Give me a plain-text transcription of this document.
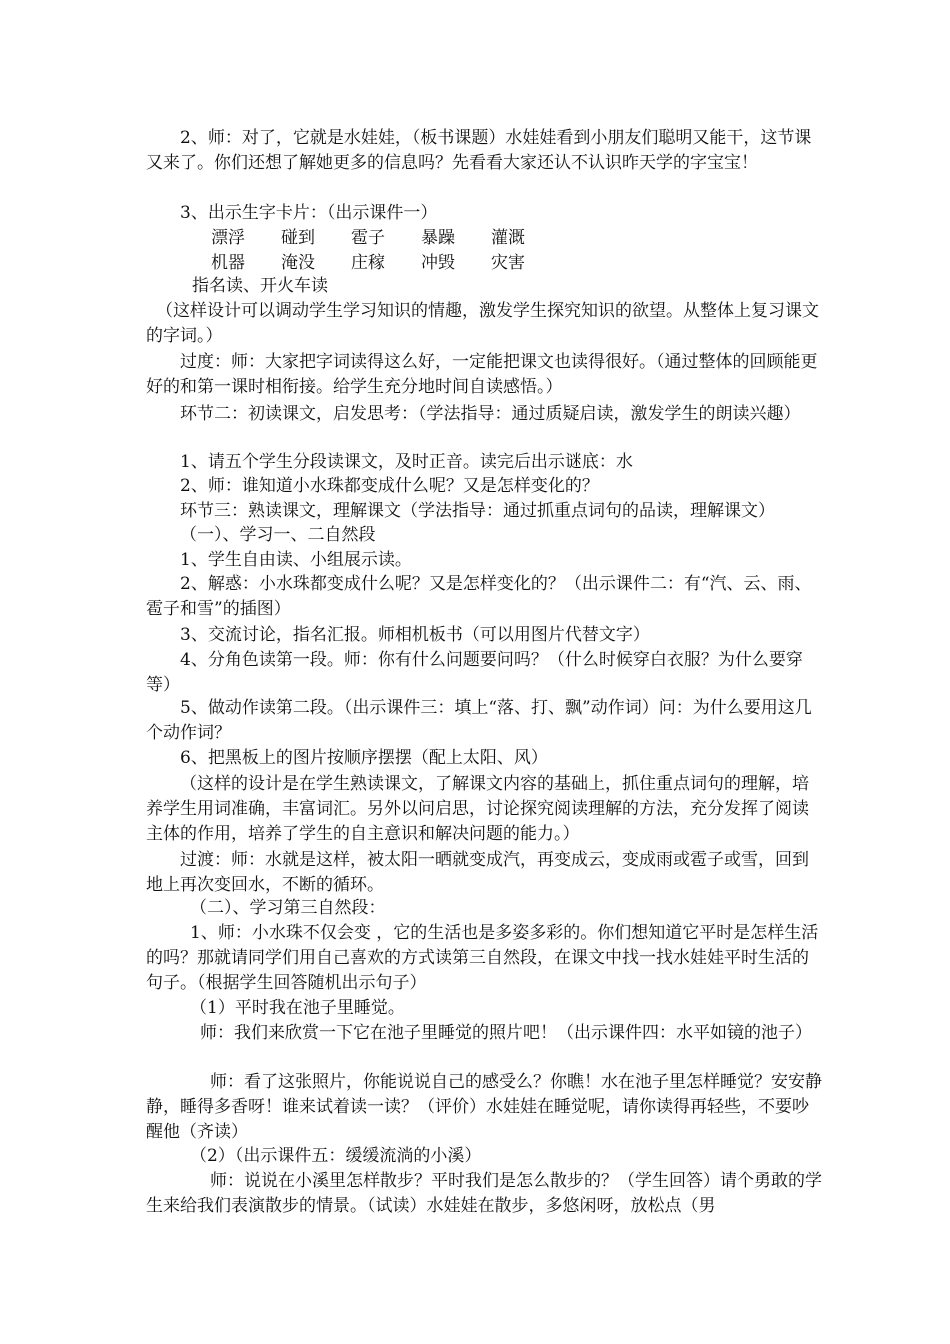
2、师：对了，它就是水娃娃，（板书课题）水娃娃看到小朋友们聪明又能干，这节课又来了。你们还想了解她更多的信息吗？先看看大家还认不认识昨天学的字宝宝！

3、出示生字卡片：（出示课件一）

漂浮 碰到 雹子 暴躁 灌溉
机器 淹没 庄稼 冲毁 灾害

指名读、开火车读

（这样设计可以调动学生学习知识的情趣，激发学生探究知识的欲望。从整体上复习课文的字词。）

过度：师：大家把字词读得这么好，一定能把课文也读得很好。（通过整体的回顾能更好的和第一课时相衔接。给学生充分地时间自读感悟。）

环节二：初读课文，启发思考：（学法指导：通过质疑启读，激发学生的朗读兴趣）

1、请五个学生分段读课文，及时正音。读完后出示谜底：水

2、师：谁知道小水珠都变成什么呢？又是怎样变化的？

环节三：熟读课文，理解课文（学法指导：通过抓重点词句的品读，理解课文）

（一）、学习一、二自然段

1、学生自由读、小组展示读。

2、解惑：小水珠都变成什么呢？又是怎样变化的？（出示课件二：有“汽、云、雨、雹子和雪”的插图）

3、交流讨论，指名汇报。师相机板书（可以用图片代替文字）

4、分角色读第一段。师：你有什么问题要问吗？（什么时候穿白衣服？为什么要穿等）

5、做动作读第二段。（出示课件三：填上“落、打、飘”动作词）问：为什么要用这几个动作词？

6、把黑板上的图片按顺序摆摆（配上太阳、风）

（这样的设计是在学生熟读课文，了解课文内容的基础上，抓住重点词句的理解，培养学生用词准确，丰富词汇。另外以问启思，讨论探究阅读理解的方法，充分发挥了阅读主体的作用，培养了学生的自主意识和解决问题的能力。）

过渡：师：水就是这样，被太阳一晒就变成汽，再变成云，变成雨或雹子或雪，回到地上再次变回水，不断的循环。

（二）、学习第三自然段：

1、师：小水珠不仅会变 ，它的生活也是多姿多彩的。你们想知道它平时是怎样生活的吗？那就请同学们用自己喜欢的方式读第三自然段，在课文中找一找水娃娃平时生活的句子。（根据学生回答随机出示句子）

（1）平时我在池子里睡觉。

师：我们来欣赏一下它在池子里睡觉的照片吧！（出示课件四：水平如镜的池子）

师：看了这张照片，你能说说自己的感受么？你瞧！水在池子里怎样睡觉？安安静静，睡得多香呀！谁来试着读一读？（评价）水娃娃在睡觉呢，请你读得再轻些，不要吵醒他（齐读）

（2）（出示课件五：缓缓流淌的小溪）

师：说说在小溪里怎样散步？平时我们是怎么散步的？（学生回答）请个勇敢的学生来给我们表演散步的情景。（试读）水娃娃在散步，多悠闲呀，放松点（男
